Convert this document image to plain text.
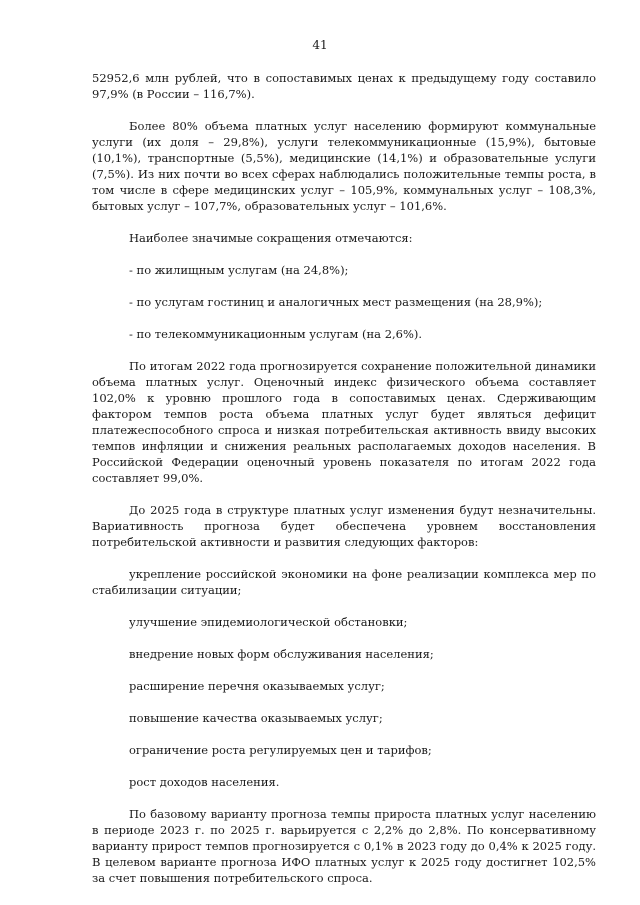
41

52952,6 млн рублей, что в сопоставимых ценах к предыдущему году составило 97,9% (в России – 116,7%).

Более 80% объема платных услуг населению формируют коммунальные услуги (их доля – 29,8%), услуги телекоммуникационные (15,9%), бытовые (10,1%), транспортные (5,5%), медицинские (14,1%) и образовательные услуги (7,5%). Из них почти во всех сферах наблюдались положительные темпы роста, в том числе в сфере медицинских услуг – 105,9%, коммунальных услуг – 108,3%, бытовых услуг – 107,7%, образовательных услуг – 101,6%.

Наиболее значимые сокращения отмечаются:

- по жилищным услугам (на 24,8%);

- по услугам гостиниц и аналогичных мест размещения (на 28,9%);

- по телекоммуникационным услугам (на 2,6%).

По итогам 2022 года прогнозируется сохранение положительной динамики объема платных услуг. Оценочный индекс физического объема составляет 102,0% к уровню прошлого года в сопоставимых ценах. Сдерживающим фактором темпов роста объема платных услуг будет являться дефицит платежеспособного спроса и низкая потребительская активность ввиду высоких темпов инфляции и снижения реальных располагаемых доходов населения. В Российской Федерации оценочный уровень показателя по итогам 2022 года составляет 99,0%.

До 2025 года в структуре платных услуг изменения будут незначительны. Вариативность прогноза будет обеспечена уровнем восстановления потребительской активности и развития следующих факторов:

укрепление российской экономики на фоне реализации комплекса мер по стабилизации ситуации;

улучшение эпидемиологической обстановки;

внедрение новых форм обслуживания населения;

расширение перечня оказываемых услуг;

повышение качества оказываемых услуг;

ограничение роста регулируемых цен и тарифов;

рост доходов населения.

По базовому варианту прогноза темпы прироста платных услуг населению в периоде 2023 г. по 2025 г. варьируется с 2,2% до 2,8%. По консервативному варианту прирост темпов прогнозируется с 0,1% в 2023 году до 0,4% к 2025 году. В целевом варианте прогноза ИФО платных услуг к 2025 году достигнет 102,5% за счет повышения потребительского спроса.
